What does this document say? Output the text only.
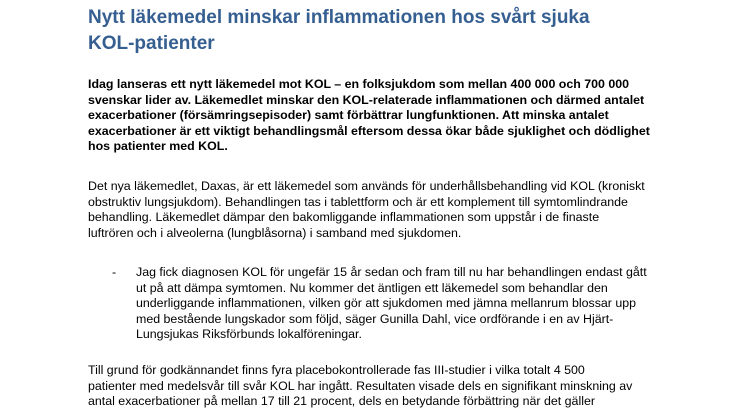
Nytt läkemedel minskar inflammationen hos svårt sjuka
KOL-patienter

Idag lanseras ett nytt läkemedel mot KOL – en folksjukdom som mellan 400 000 och 700 000
svenskar lider av. Läkemedlet minskar den KOL-relaterade inflammationen och därmed antalet
exacerbationer (försämringsepisoder) samt förbättrar lungfunktionen. Att minska antalet
exacerbationer är ett viktigt behandlingsmål eftersom dessa ökar både sjuklighet och dödlighet
hos patienter med KOL.

Det nya läkemedlet, Daxas, är ett läkemedel som används för underhållsbehandling vid KOL (kroniskt
obstruktiv lungsjukdom). Behandlingen tas i tablettform och är ett komplement till symtomlindrande
behandling. Läkemedlet dämpar den bakomliggande inflammationen som uppstår i de finaste
luftrören och i alveolerna (lungblåsorna) i samband med sjukdomen.

- Jag fick diagnosen KOL för ungefär 15 år sedan och fram till nu har behandlingen endast gått
ut på att dämpa symtomen. Nu kommer det äntligen ett läkemedel som behandlar den
underliggande inflammationen, vilken gör att sjukdomen med jämna mellanrum blossar upp
med bestående lungskador som följd, säger Gunilla Dahl, vice ordförande i en av Hjärt-
Lungsjukas Riksförbunds lokalföreningar.

Till grund för godkännandet finns fyra placebokontrollerade fas III-studier i vilka totalt 4 500
patienter med medelsvår till svår KOL har ingått. Resultaten visade dels en signifikant minskning av
antal exacerbationer på mellan 17 till 21 procent, dels en betydande förbättring när det gäller
